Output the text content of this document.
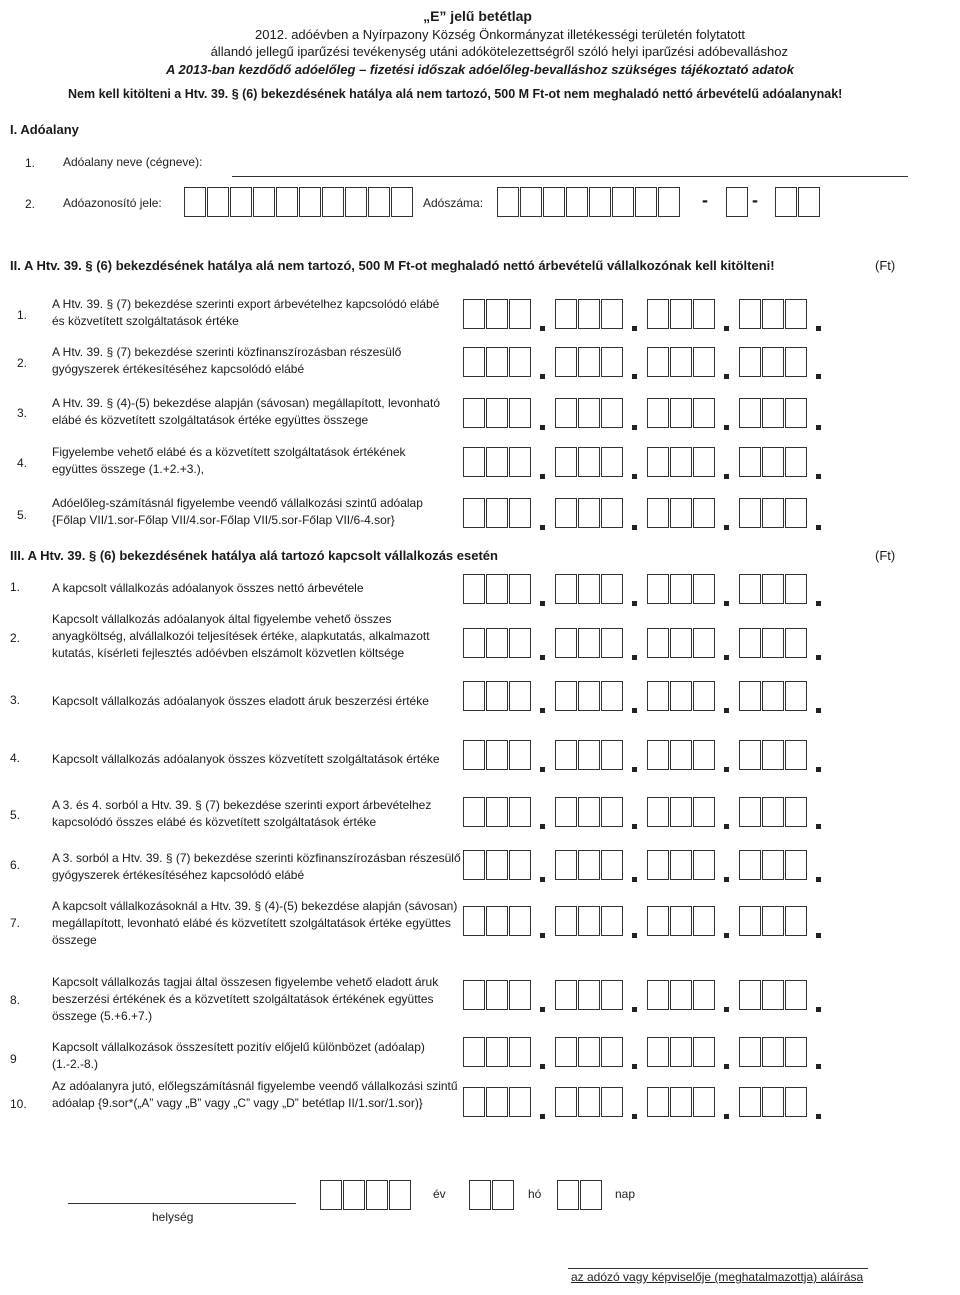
„E” jelű betétlap
2012. adóévben a Nyírpazony Község Önkormányzat illetékességi területén folytatott
állandó jellegű iparűzési tevékenység utáni adókötelezettségről szóló helyi iparűzési adóbevalláshoz
A 2013-ban kezdődő adóelőleg – fizetési időszak adóelőleg-bevalláshoz szükséges tájékoztató adatok
Nem kell kitölteni a Htv. 39. § (6) bekezdésének hatálya alá nem tartozó, 500 M Ft-ot nem meghaladó nettó árbevételű adóalanynak!
I. Adóalany
1. Adóalany neve (cégneve):
2. Adóazonosító jele:	Adószáma:	- -
II. A Htv. 39. § (6) bekezdésének hatálya alá nem tartozó, 500 M Ft-ot meghaladó nettó árbevételű vállalkozónak kell kitölteni!	(Ft)
1.
A Htv. 39. § (7) bekezdése szerinti export árbevételhez kapcsolódó elábé és közvetített szolgáltatások értéke
2.
A Htv. 39. § (7) bekezdése szerinti közfinanszírozásban részesülő gyógyszerek értékesítéséhez kapcsolódó elábé
3.
A Htv. 39. § (4)-(5) bekezdése alapján (sávosan) megállapított, levonható elábé és közvetített szolgáltatások értéke együttes összege
4.
Figyelembe vehető elábé és a közvetített szolgáltatások értékének együttes összege (1.+2.+3.),
5.
Adóelőleg-számításnál figyelembe veendő vállalkozási szintű adóalap {Főlap VII/1.sor-Főlap VII/4.sor-Főlap VII/5.sor-Főlap VII/6-4.sor}
III. A Htv. 39. § (6) bekezdésének hatálya alá tartozó kapcsolt vállalkozás esetén	(Ft)
1.	A kapcsolt vállalkozás adóalanyok összes nettó árbevétele
2.
Kapcsolt vállalkozás adóalanyok által figyelembe vehető összes anyagköltség, alvállalkozói teljesítések értéke, alapkutatás, alkalmazott kutatás, kísérleti fejlesztés adóévben elszámolt közvetlen költsége
3.	Kapcsolt vállalkozás adóalanyok összes eladott áruk beszerzési értéke
4.	Kapcsolt vállalkozás adóalanyok összes közvetített szolgáltatások értéke
5.
A 3. és 4. sorból a Htv. 39. § (7) bekezdése szerinti export árbevételhez kapcsolódó összes elábé és közvetített szolgáltatások értéke
6.	A 3. sorból a Htv. 39. § (7) bekezdése szerinti közfinanszírozásban részesülő gyógyszerek értékesítéséhez kapcsolódó elábé
7.
A kapcsolt vállalkozásoknál a Htv. 39. § (4)-(5) bekezdése alapján (sávosan) megállapított, levonható elábé és közvetített szolgáltatások értéke együttes összege
8.
Kapcsolt vállalkozás tagjai által összesen figyelembe vehető eladott áruk beszerzési értékének és a közvetített szolgáltatások értékének együttes összege (5.+6.+7.)
9
Kapcsolt vállalkozások összesített pozitív előjelű különbözet (adóalap) (1.-2.-8.)
10.
Az adóalanyra jutó, előlegszámításnál figyelembe veendő vállalkozási szintű adóalap {9.sor*(„A” vagy „B” vagy „C” vagy „D” betétlap II/1.sor/1.sor)}
helység
év	hó	nap
az adózó vagy képviselője (meghatalmazottja) aláírása
